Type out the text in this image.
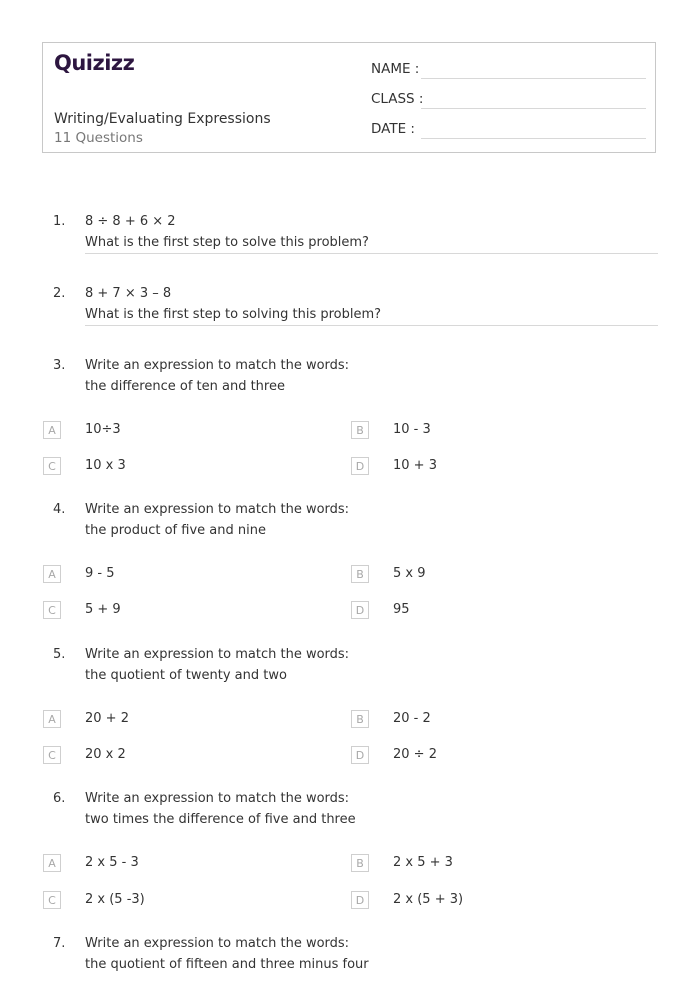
Quizizz
Writing/Evaluating Expressions
11 Questions
NAME :
CLASS :
DATE :
1. 8 ÷ 8 + 6 × 2
What is the first step to solve this problem?
2. 8 + 7 × 3 – 8
What is the first step to solving this problem?
3. Write an expression to match the words:
the difference of ten and three
A	10÷3	B	10 - 3
C	10 x 3	D	10 + 3
4. Write an expression to match the words:
the product of five and nine
A	9 - 5	B	5 x 9
C	5 + 9	D	95
5. Write an expression to match the words:
the quotient of twenty and two
A	20 + 2	B	20 - 2
C	20 x 2	D	20 ÷ 2
6. Write an expression to match the words:
two times the difference of five and three
A	2 x 5 - 3	B	2 x 5 + 3
C	2 x (5 -3)	D	2 x (5 + 3)
7. Write an expression to match the words:
the quotient of fifteen and three minus four
